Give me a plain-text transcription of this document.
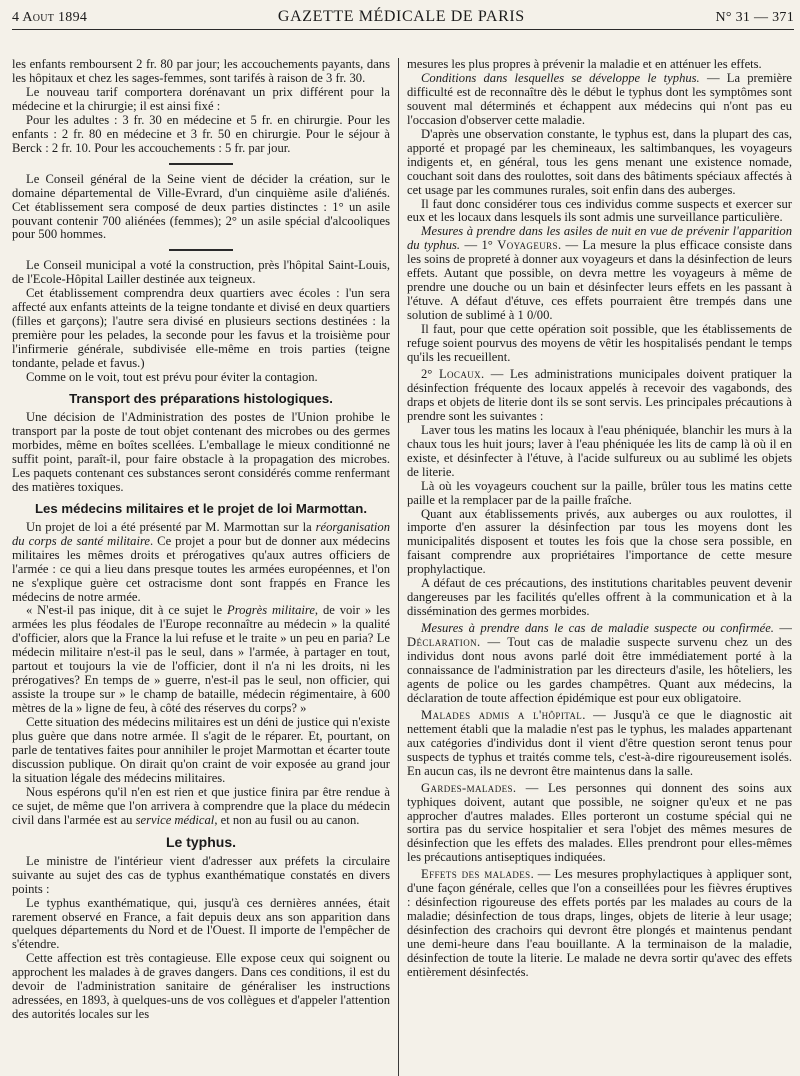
4 Aout 1894	GAZETTE MÉDICALE DE PARIS	N° 31 — 371

les enfants remboursent 2 fr. 80 par jour; les accouchements payants, dans les hôpitaux et chez les sages-femmes, sont tarifés à raison de 3 fr. 30.

Le nouveau tarif comportera dorénavant un prix différent pour la médecine et la chirurgie; il est ainsi fixé :

Pour les adultes : 3 fr. 30 en médecine et 5 fr. en chirurgie. Pour les enfants : 2 fr. 80 en médecine et 3 fr. 50 en chirurgie. Pour le séjour à Berck : 2 fr. 10. Pour les accouchements : 5 fr. par jour.

Le Conseil général de la Seine vient de décider la création, sur le domaine départemental de Ville-Evrard, d'un cinquième asile d'aliénés. Cet établissement sera composé de deux parties distinctes : 1° un asile pouvant contenir 700 aliénées (femmes); 2° un asile spécial d'alcooliques pour 500 hommes.

Le Conseil municipal a voté la construction, près l'hôpital Saint-Louis, de l'Ecole-Hôpital Lailler destinée aux teigneux.

Cet établissement comprendra deux quartiers avec écoles : l'un sera affecté aux enfants atteints de la teigne tondante et divisé en deux quartiers (filles et garçons); l'autre sera divisé en plusieurs sections destinées : la première pour les pelades, la seconde pour les favus et la troisième pour l'infirmerie générale, subdivisée elle-même en trois parties (teigne tondante, pelade et favus.)

Comme on le voit, tout est prévu pour éviter la contagion.

Transport des préparations histologiques.

Une décision de l'Administration des postes de l'Union prohibe le transport par la poste de tout objet contenant des microbes ou des germes morbides, même en boîtes scellées. L'emballage le mieux conditionné ne suffit point, paraît-il, pour faire obstacle à la propagation des microbes. Les paquets contenant ces substances seront considérés comme renfermant des matières toxiques.

Les médecins militaires et le projet de loi Marmottan.

Un projet de loi a été présenté par M. Marmottan sur la réorganisation du corps de santé militaire. Ce projet a pour but de donner aux médecins militaires les mêmes droits et prérogatives qu'aux autres officiers de l'armée : ce qui a lieu dans presque toutes les armées européennes, et l'on ne s'explique guère cet ostracisme dont sont frappés en France les médecins de notre armée.

« N'est-il pas inique, dit à ce sujet le Progrès militaire, de voir » les armées les plus féodales de l'Europe reconnaître au médecin » la qualité d'officier, alors que la France la lui refuse et le traite » un peu en paria? Le médecin militaire n'est-il pas le seul, dans » l'armée, à partager en tout, partout et toujours la vie de l'officier, dont il n'a ni les droits, ni les prérogatives? En temps de » guerre, n'est-il pas le seul, non officier, qui assiste la troupe sur » le champ de bataille, médecin régimentaire, à 600 mètres de la » ligne de feu, à côté des réserves du corps? »

Cette situation des médecins militaires est un déni de justice qui n'existe plus guère que dans notre armée. Il s'agit de le réparer. Et, pourtant, on parle de tentatives faites pour annihiler le projet Marmottan et écarter toute discussion publique. On dirait qu'on craint de voir exposée au grand jour la situation légale des médecins militaires.

Nous espérons qu'il n'en est rien et que justice finira par être rendue à ce sujet, de même que l'on arrivera à comprendre que la place du médecin civil dans l'armée est au service médical, et non au fusil ou au canon.

Le typhus.

Le ministre de l'intérieur vient d'adresser aux préfets la circulaire suivante au sujet des cas de typhus exanthématique constatés en divers points :

Le typhus exanthématique, qui, jusqu'à ces dernières années, était rarement observé en France, a fait depuis deux ans son apparition dans quelques départements du Nord et de l'Ouest. Il importe de l'empêcher de s'étendre.

Cette affection est très contagieuse. Elle expose ceux qui soignent ou approchent les malades à de graves dangers. Dans ces conditions, il est du devoir de l'administration sanitaire de généraliser les instructions adressées, en 1893, à quelques-uns de vos collègues et d'appeler l'attention des autorités locales sur les

mesures les plus propres à prévenir la maladie et en atténuer les effets.

Conditions dans lesquelles se développe le typhus. — La première difficulté est de reconnaître dès le début le typhus dont les symptômes sont souvent mal déterminés et échappent aux médecins qui n'ont pas eu l'occasion d'observer cette maladie.

D'après une observation constante, le typhus est, dans la plupart des cas, apporté et propagé par les chemineaux, les saltimbanques, les voyageurs indigents et, en général, tous les gens menant une existence nomade, couchant soit dans des roulottes, soit dans des bâtiments spéciaux affectés à cet usage par les communes rurales, soit enfin dans des auberges.

Il faut donc considérer tous ces individus comme suspects et exercer sur eux et les locaux dans lesquels ils sont admis une surveillance particulière.

Mesures à prendre dans les asiles de nuit en vue de prévenir l'apparition du typhus. — 1° Voyageurs. — La mesure la plus efficace consiste dans les soins de propreté à donner aux voyageurs et dans la désinfection de leurs effets. Autant que possible, on devra mettre les voyageurs à même de prendre une douche ou un bain et désinfecter leurs effets en les passant à l'étuve. A défaut d'étuve, ces effets pourraient être trempés dans une solution de sublimé à 1 0/00.

Il faut, pour que cette opération soit possible, que les établissements de refuge soient pourvus des moyens de vêtir les hospitalisés pendant le temps qu'ils les recueillent.

2° Locaux. — Les administrations municipales doivent pratiquer la désinfection fréquente des locaux appelés à recevoir des vagabonds, des draps et objets de literie dont ils se sont servis. Les principales précautions à prendre sont les suivantes :

Laver tous les matins les locaux à l'eau phéniquée, blanchir les murs à la chaux tous les huit jours; laver à l'eau phéniquée les lits de camp là où il en existe, et désinfecter à l'étuve, à l'acide sulfureux ou au sublimé les objets de literie.

Là où les voyageurs couchent sur la paille, brûler tous les matins cette paille et la remplacer par de la paille fraîche.

Quant aux établissements privés, aux auberges ou aux roulottes, il importe d'en assurer la désinfection par tous les moyens dont les municipalités disposent et toutes les fois que la chose sera possible, en faisant comprendre aux propriétaires l'importance de cette mesure prophylactique.

A défaut de ces précautions, des institutions charitables peuvent devenir dangereuses par les facilités qu'elles offrent à la communication et à la dissémination des germes morbides.

Mesures à prendre dans le cas de maladie suspecte ou confirmée. — Déclaration. — Tout cas de maladie suspecte survenu chez un des individus dont nous avons parlé doit être immédiatement porté à la connaissance de l'administration par les directeurs d'asile, les hôteliers, les agents de police ou les gardes champêtres. Quant aux médecins, la déclaration de toute affection épidémique est pour eux obligatoire.

Malades admis a l'hôpital. — Jusqu'à ce que le diagnostic ait nettement établi que la maladie n'est pas le typhus, les malades appartenant aux catégories d'individus dont il vient d'être question seront tenus pour suspects de typhus et traités comme tels, c'est-à-dire rigoureusement isolés. En aucun cas, ils ne devront être maintenus dans la salle.

Gardes-malades. — Les personnes qui donnent des soins aux typhiques doivent, autant que possible, ne soigner qu'eux et ne pas approcher d'autres malades. Elles porteront un costume spécial qui ne sortira pas du service hospitalier et sera l'objet des mêmes mesures de désinfection que les effets des malades. Elles prendront pour elles-mêmes les précautions antiseptiques indiquées.

Effets des malades. — Les mesures prophylactiques à appliquer sont, d'une façon générale, celles que l'on a conseillées pour les fièvres éruptives : désinfection rigoureuse des effets portés par les malades au cours de la maladie; désinfection de tous draps, linges, objets de literie à leur usage; désinfection des crachoirs qui devront être plongés et maintenus pendant une demi-heure dans l'eau bouillante. A la terminaison de la maladie, désinfection de toute la literie. Le malade ne devra sortir qu'avec des effets entièrement désinfectés.
